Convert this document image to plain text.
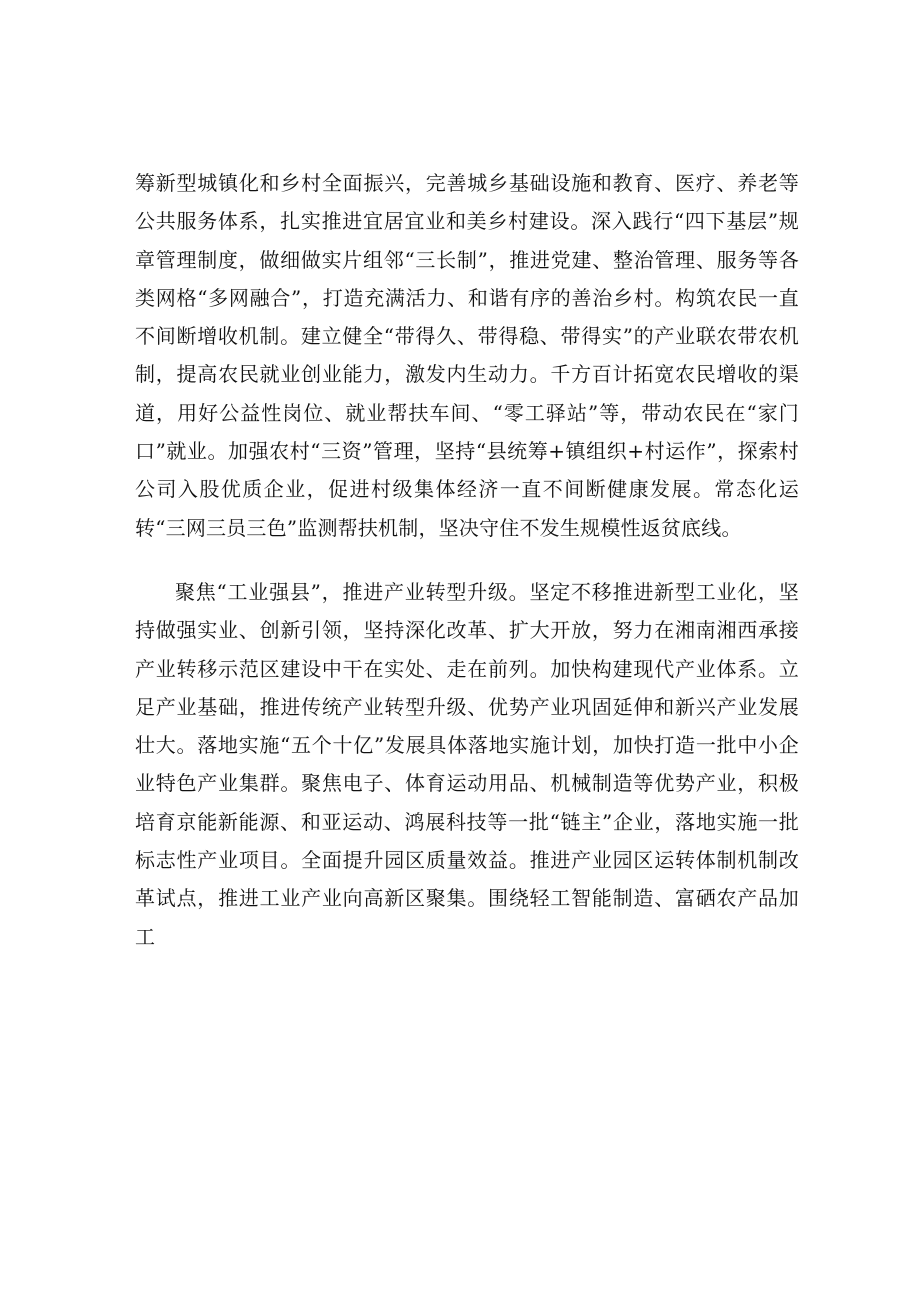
筹新型城镇化和乡村全面振兴，完善城乡基础设施和教育、医疗、养老等公共服务体系，扎实推进宜居宜业和美乡村建设。深入践行“四下基层”规章管理制度，做细做实片组邻“三长制”，推进党建、整治管理、服务等各类网格“多网融合”，打造充满活力、和谐有序的善治乡村。构筑农民一直不间断增收机制。建立健全“带得久、带得稳、带得实”的产业联农带农机制，提高农民就业创业能力，激发内生动力。千方百计拓宽农民增收的渠道，用好公益性岗位、就业帮扶车间、“零工驿站”等，带动农民在“家门口”就业。加强农村“三资”管理，坚持“县统筹+镇组织+村运作”，探索村公司入股优质企业，促进村级集体经济一直不间断健康发展。常态化运转“三网三员三色”监测帮扶机制，坚决守住不发生规模性返贫底线。

聚焦“工业强县”，推进产业转型升级。坚定不移推进新型工业化，坚持做强实业、创新引领，坚持深化改革、扩大开放，努力在湘南湘西承接产业转移示范区建设中干在实处、走在前列。加快构建现代产业体系。立足产业基础，推进传统产业转型升级、优势产业巩固延伸和新兴产业发展壮大。落地实施“五个十亿”发展具体落地实施计划，加快打造一批中小企业特色产业集群。聚焦电子、体育运动用品、机械制造等优势产业，积极培育京能新能源、和亚运动、鸿展科技等一批“链主”企业，落地实施一批标志性产业项目。全面提升园区质量效益。推进产业园区运转体制机制改革试点，推进工业产业向高新区聚集。围绕轻工智能制造、富硒农产品加工
